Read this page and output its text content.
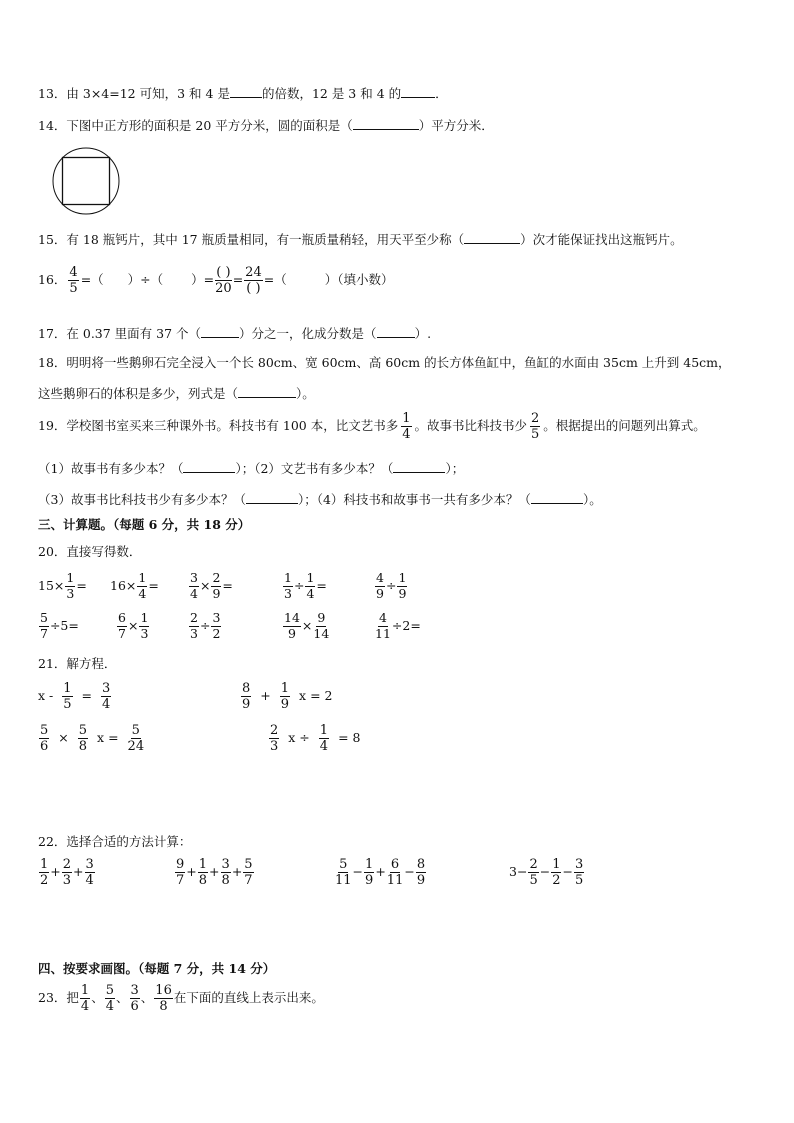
13．由 3×4=12 可知，3 和 4 是	的倍数，12 是 3 和 4 的	．
14．下图中正方形的面积是 20 平方分米，圆的面积是（	）平方分米．
15．有 18 瓶钙片，其中 17 瓶质量相同，有一瓶质量稍轻，用天平至少称（	）次才能保证找出这瓶钙片。
16． $\frac{4}{5}$ =（ ）÷（ ）= $\frac{( )}{20} = \frac{24}{( )}$ =（	）（填小数）
17．在 0.37 里面有 37 个（	）分之一，化成分数是（	）.
18．明明将一些鹅卵石完全浸入一个长 80cm、宽 60cm、高 60cm 的长方体鱼缸中，鱼缸的水面由 35cm 上升到 45cm，
这些鹅卵石的体积是多少，列式是（	）。
19．学校图书室买来三种课外书。科技书有 100 本，比文艺书多 $\frac{1}{4}$ 。故事书比科技书少 $\frac{2}{5}$ 。根据提出的问题列出算式。
（1）故事书有多少本？（	）；（2）文艺书有多少本？（	）；
（3）故事书比科技书少有多少本？（	）；（4）科技书和故事书一共有多少本？（	）。
三、计算题。（每题 6 分，共 18 分）
20．直接写得数．
$15\times \frac{1}{3} = 16\times \frac{1}{4} = \frac{3}{4} \times \frac{2}{9}$ =	$\frac{1}{3} \div \frac{1}{4}$ =	$\frac{4}{9} \div \frac{1}{9}$
$\frac{5}{7} \div 5=$	$\frac{6}{7} \times \frac{1}{3}$	$\frac{2}{3} \div \frac{3}{2}$	$\frac{14}{9} \times \frac{9}{14}$	$\frac{4}{11} \div 2=$
21．解方程．
$x - \frac{1}{5} = \frac{3}{4}$	$\frac{8}{9} + \frac{1}{9}$ x = 2
$\frac{5}{6} \times \frac{5}{8}$ $x = \frac{5}{24}$	$\frac{2}{3}$ $x \div \frac{1}{4} = 8$
22．选择合适的方法计算：
$\frac{1}{2} + \frac{2}{3} + \frac{3}{4}$	$\frac{9}{7} + \frac{1}{8} + \frac{3}{8} + \frac{5}{7}$	$\frac{5}{11} - \frac{1}{9} + \frac{6}{11} - \frac{8}{9}$	$3- \frac{2}{5} - \frac{1}{2} - \frac{3}{5}$
四、按要求画图。（每题 7 分，共 14 分）
23．把 $\frac{1}{4}$ 、 $\frac{5}{4}$ 、 $\frac{3}{6}$ 、 $\frac{16}{8}$ 在下面的直线上表示出来。
